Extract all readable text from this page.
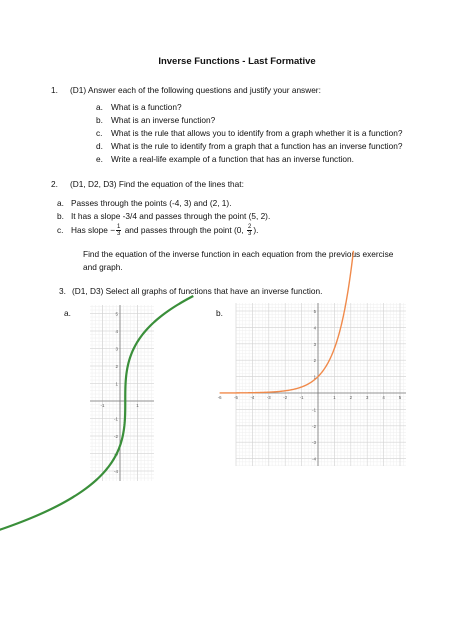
Inverse Functions - Last Formative
1. (D1) Answer each of the following questions and justify your answer:
a. What is a function?
b. What is an inverse function?
c. What is the rule that allows you to identify from a graph whether it is a function?
d. What is the rule to identify from a graph that a function has an inverse function?
e. Write a real-life example of a function that has an inverse function.
2. (D1, D2, D3) Find the equation of the lines that:
a. Passes through the points (-4, 3) and (2, 1).
b. It has a slope -3/4 and passes through the point (5, 2).
c. Has slope − $\frac{1}{3}$ and passes through the point (0, $\frac{2}{3}$ ).
Find the equation of the inverse function in each equation from the previous exercise
and graph.
3. (D1, D3) Select all graphs of functions that have an inverse function.
a.	b.
5
4
3
2
1
-1
-2
-3
-4
-1	1
5
4
3
2
1
-1
-2
-3
-4
-6	-5	-4	-3	-2	-1	1	2	3	4	5
